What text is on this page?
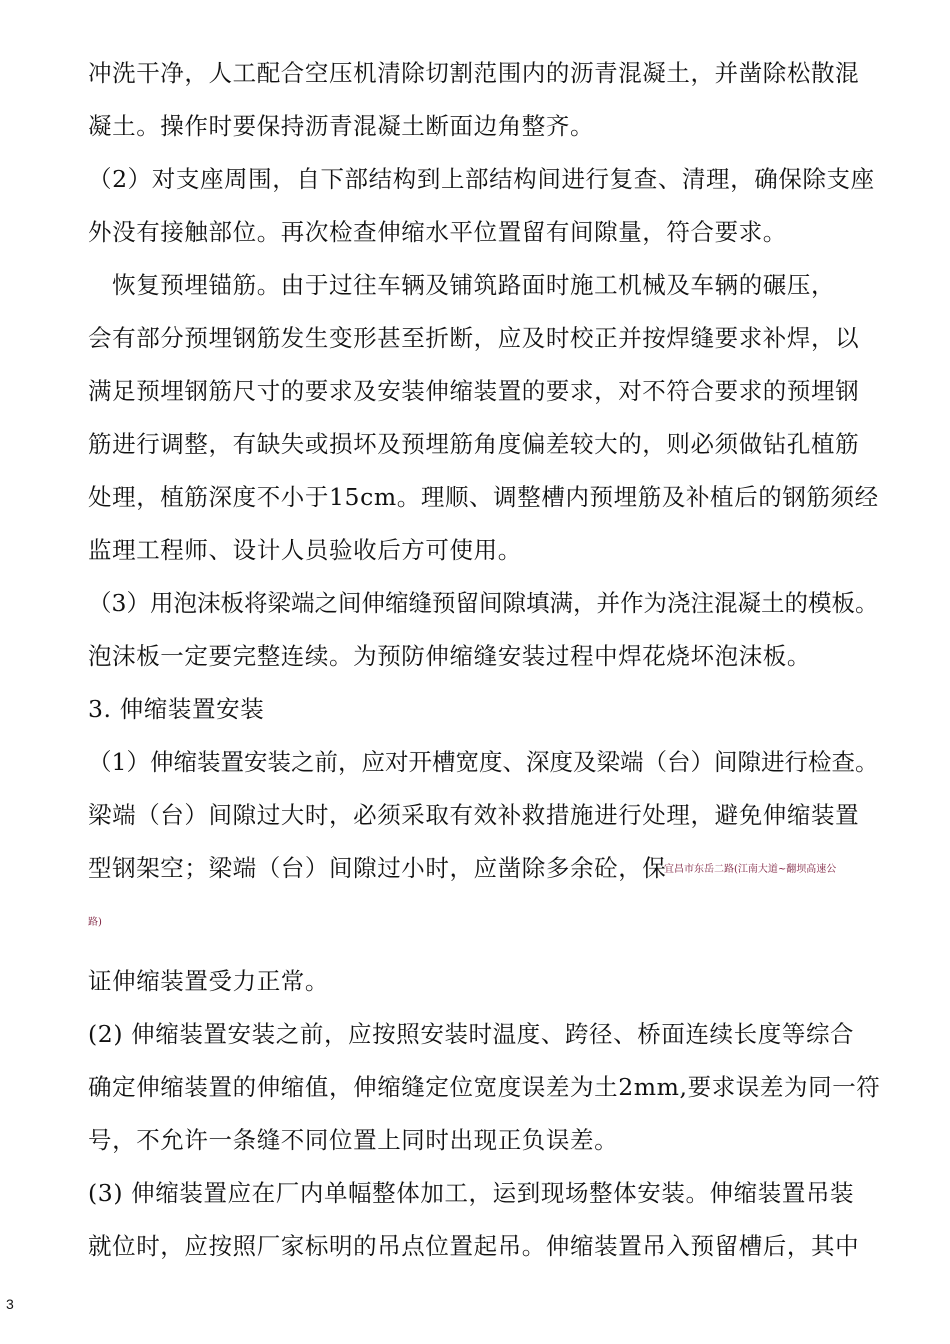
冲洗干净，人工配合空压机清除切割范围内的沥青混凝土，并凿除松散混
凝土。操作时要保持沥青混凝土断面边角整齐。
（2）对支座周围，自下部结构到上部结构间进行复查、清理，确保除支座
外没有接触部位。再次检查伸缩水平位置留有间隙量，符合要求。
　恢复预埋锚筋。由于过往车辆及铺筑路面时施工机械及车辆的碾压，
会有部分预埋钢筋发生变形甚至折断，应及时校正并按焊缝要求补焊，以
满足预埋钢筋尺寸的要求及安装伸缩装置的要求，对不符合要求的预埋钢
筋进行调整，有缺失或损坏及预埋筋角度偏差较大的，则必须做钻孔植筋
处理，植筋深度不小于15cm。理顺、调整槽内预埋筋及补植后的钢筋须经
监理工程师、设计人员验收后方可使用。
（3）用泡沫板将梁端之间伸缩缝预留间隙填满，并作为浇注混凝土的模板。
泡沫板一定要完整连续。为预防伸缩缝安装过程中焊花烧坏泡沫板。
3. 伸缩装置安装
（1）伸缩装置安装之前，应对开槽宽度、深度及梁端（台）间隙进行检查。
梁端（台）间隙过大时，必须采取有效补救措施进行处理，避免伸缩装置
型钢架空；梁端（台）间隙过小时，应凿除多余砼，保
宜昌市东岳二路(江南大道~翻坝高速公
路)
证伸缩装置受力正常。
(2) 伸缩装置安装之前，应按照安装时温度、跨径、桥面连续长度等综合
确定伸缩装置的伸缩值，伸缩缝定位宽度误差为土2mm,要求误差为同一符
号，不允许一条缝不同位置上同时出现正负误差。
(3) 伸缩装置应在厂内单幅整体加工，运到现场整体安装。伸缩装置吊装
就位时，应按照厂家标明的吊点位置起吊。伸缩装置吊入预留槽后，其中
3
